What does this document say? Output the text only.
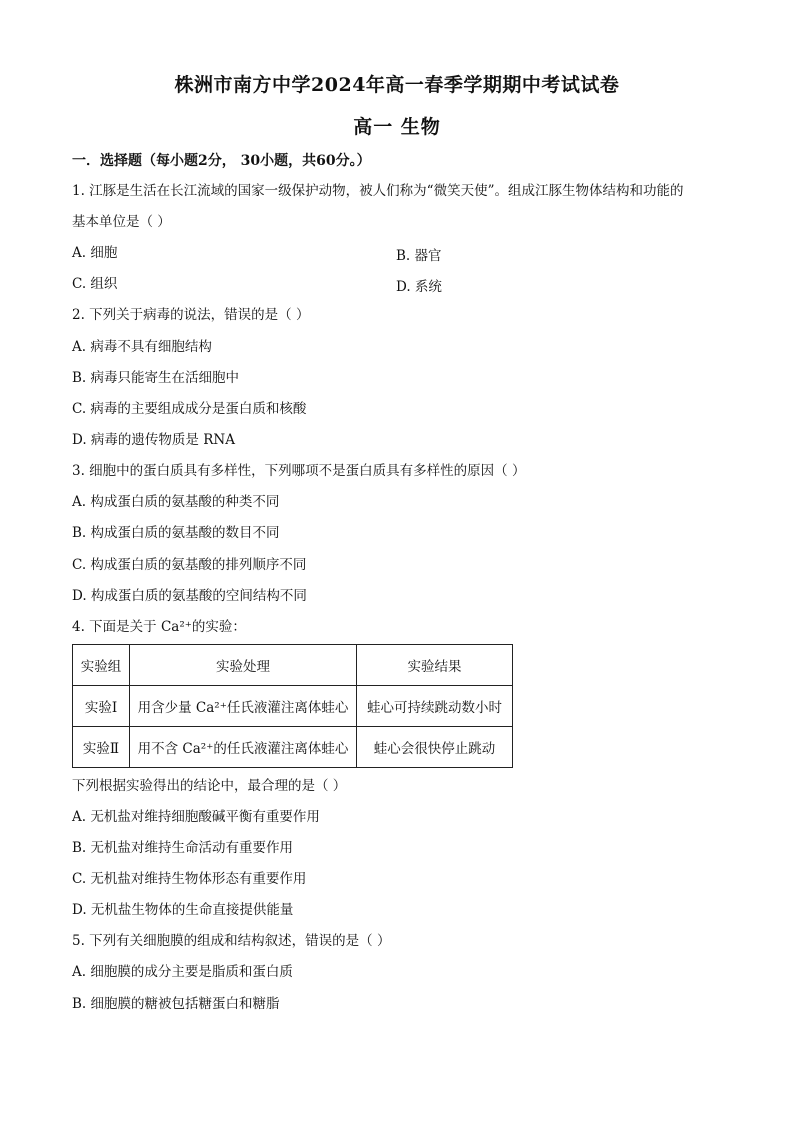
株洲市南方中学2024年高一春季学期期中考试试卷
高一 生物
一．选择题（每小题2分， 30小题，共60分。）
1. 江豚是生活在长江流域的国家一级保护动物，被人们称为“微笑天使”。组成江豚生物体结构和功能的
基本单位是（ ）
A. 细胞	B. 器官
C. 组织	D. 系统
2. 下列关于病毒的说法，错误的是（ ）
A. 病毒不具有细胞结构
B. 病毒只能寄生在活细胞中
C. 病毒的主要组成成分是蛋白质和核酸
D. 病毒的遗传物质是 RNA
3. 细胞中的蛋白质具有多样性，下列哪项不是蛋白质具有多样性的原因（ ）
A. 构成蛋白质的氨基酸的种类不同
B. 构成蛋白质的氨基酸的数目不同
C. 构成蛋白质的氨基酸的排列顺序不同
D. 构成蛋白质的氨基酸的空间结构不同
4. 下面是关于 Ca²⁺的实验：
实验组	实验处理	实验结果
实验Ⅰ	用含少量 Ca²⁺任氏液灌注离体蛙心	蛙心可持续跳动数小时
实验Ⅱ	用不含 Ca²⁺的任氏液灌注离体蛙心	蛙心会很快停止跳动
下列根据实验得出的结论中，最合理的是（ ）
A. 无机盐对维持细胞酸碱平衡有重要作用
B. 无机盐对维持生命活动有重要作用
C. 无机盐对维持生物体形态有重要作用
D. 无机盐生物体的生命直接提供能量
5. 下列有关细胞膜的组成和结构叙述，错误的是（ ）
A. 细胞膜的成分主要是脂质和蛋白质
B. 细胞膜的糖被包括糖蛋白和糖脂
